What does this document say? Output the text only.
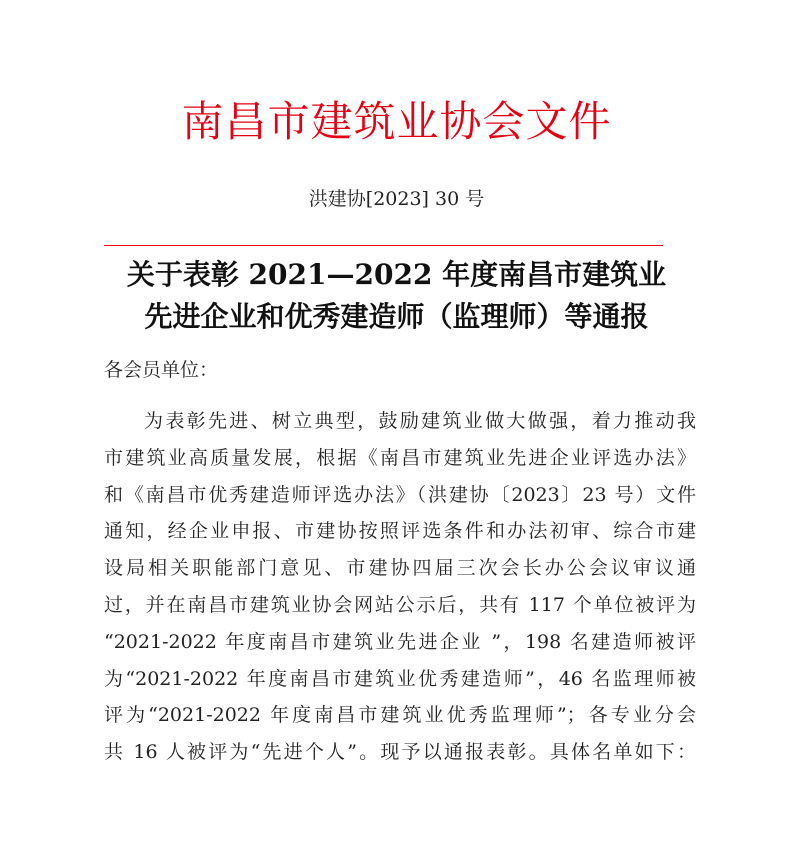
南昌市建筑业协会文件
洪建协[2023] 30 号
关于表彰 2021—2022 年度南昌市建筑业
先进企业和优秀建造师（监理师）等通报
各会员单位：
为表彰先进、树立典型，鼓励建筑业做大做强，着力推动我
市建筑业高质量发展，根据《南昌市建筑业先进企业评选办法》
和《南昌市优秀建造师评选办法》（洪建协〔2023〕23 号）文件
通知，经企业申报、市建协按照评选条件和办法初审、综合市建
设局相关职能部门意见、市建协四届三次会长办公会议审议通
过，并在南昌市建筑业协会网站公示后，共有 117 个单位被评为
“2021-2022 年度南昌市建筑业先进企业 ”，198 名建造师被评
为“2021-2022 年度南昌市建筑业优秀建造师”，46 名监理师被
评为“2021-2022 年度南昌市建筑业优秀监理师”；各专业分会
共 16 人被评为“先进个人”。现予以通报表彰。具体名单如下：
